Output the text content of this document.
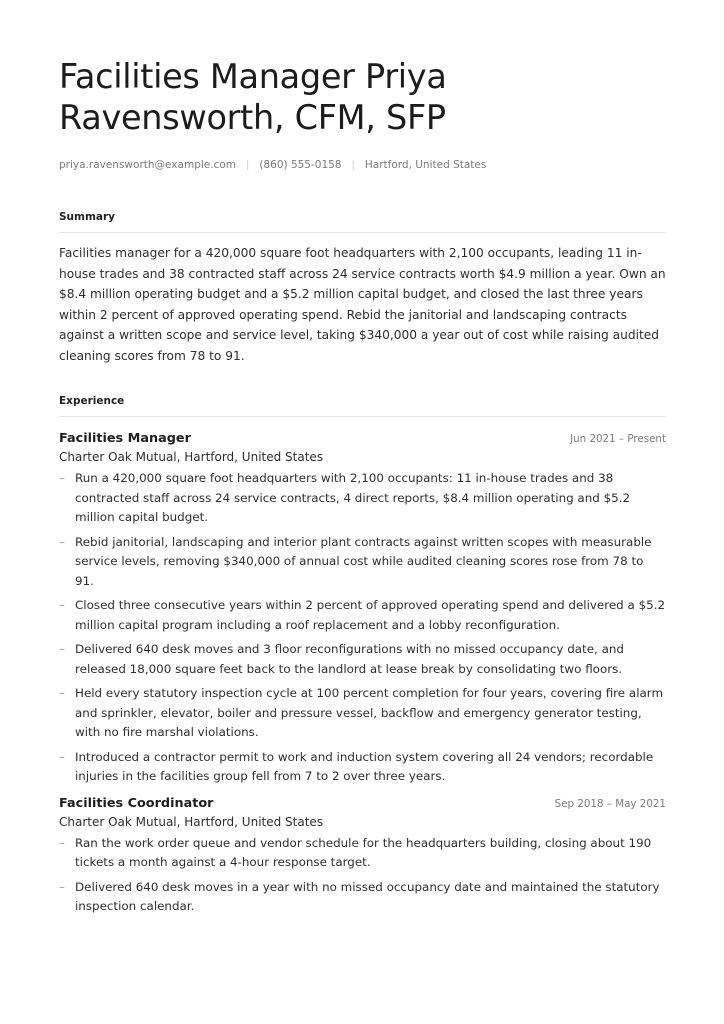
Facilities Manager Priya Ravensworth, CFM, SFP
priya.ravensworth@example.com | (860) 555-0158 | Hartford, United States
Summary
Facilities manager for a 420,000 square foot headquarters with 2,100 occupants, leading 11 in-house trades and 38 contracted staff across 24 service contracts worth $4.9 million a year. Own an $8.4 million operating budget and a $5.2 million capital budget, and closed the last three years within 2 percent of approved operating spend. Rebid the janitorial and landscaping contracts against a written scope and service level, taking $340,000 a year out of cost while raising audited cleaning scores from 78 to 91.
Experience
Facilities Manager	Jun 2021 – Present
Charter Oak Mutual, Hartford, United States
– Run a 420,000 square foot headquarters with 2,100 occupants: 11 in-house trades and 38 contracted staff across 24 service contracts, 4 direct reports, $8.4 million operating and $5.2 million capital budget.
– Rebid janitorial, landscaping and interior plant contracts against written scopes with measurable service levels, removing $340,000 of annual cost while audited cleaning scores rose from 78 to 91.
– Closed three consecutive years within 2 percent of approved operating spend and delivered a $5.2 million capital program including a roof replacement and a lobby reconfiguration.
– Delivered 640 desk moves and 3 floor reconfigurations with no missed occupancy date, and released 18,000 square feet back to the landlord at lease break by consolidating two floors.
– Held every statutory inspection cycle at 100 percent completion for four years, covering fire alarm and sprinkler, elevator, boiler and pressure vessel, backflow and emergency generator testing, with no fire marshal violations.
– Introduced a contractor permit to work and induction system covering all 24 vendors; recordable injuries in the facilities group fell from 7 to 2 over three years.
Facilities Coordinator	Sep 2018 – May 2021
Charter Oak Mutual, Hartford, United States
– Ran the work order queue and vendor schedule for the headquarters building, closing about 190 tickets a month against a 4-hour response target.
– Delivered 640 desk moves in a year with no missed occupancy date and maintained the statutory inspection calendar.
